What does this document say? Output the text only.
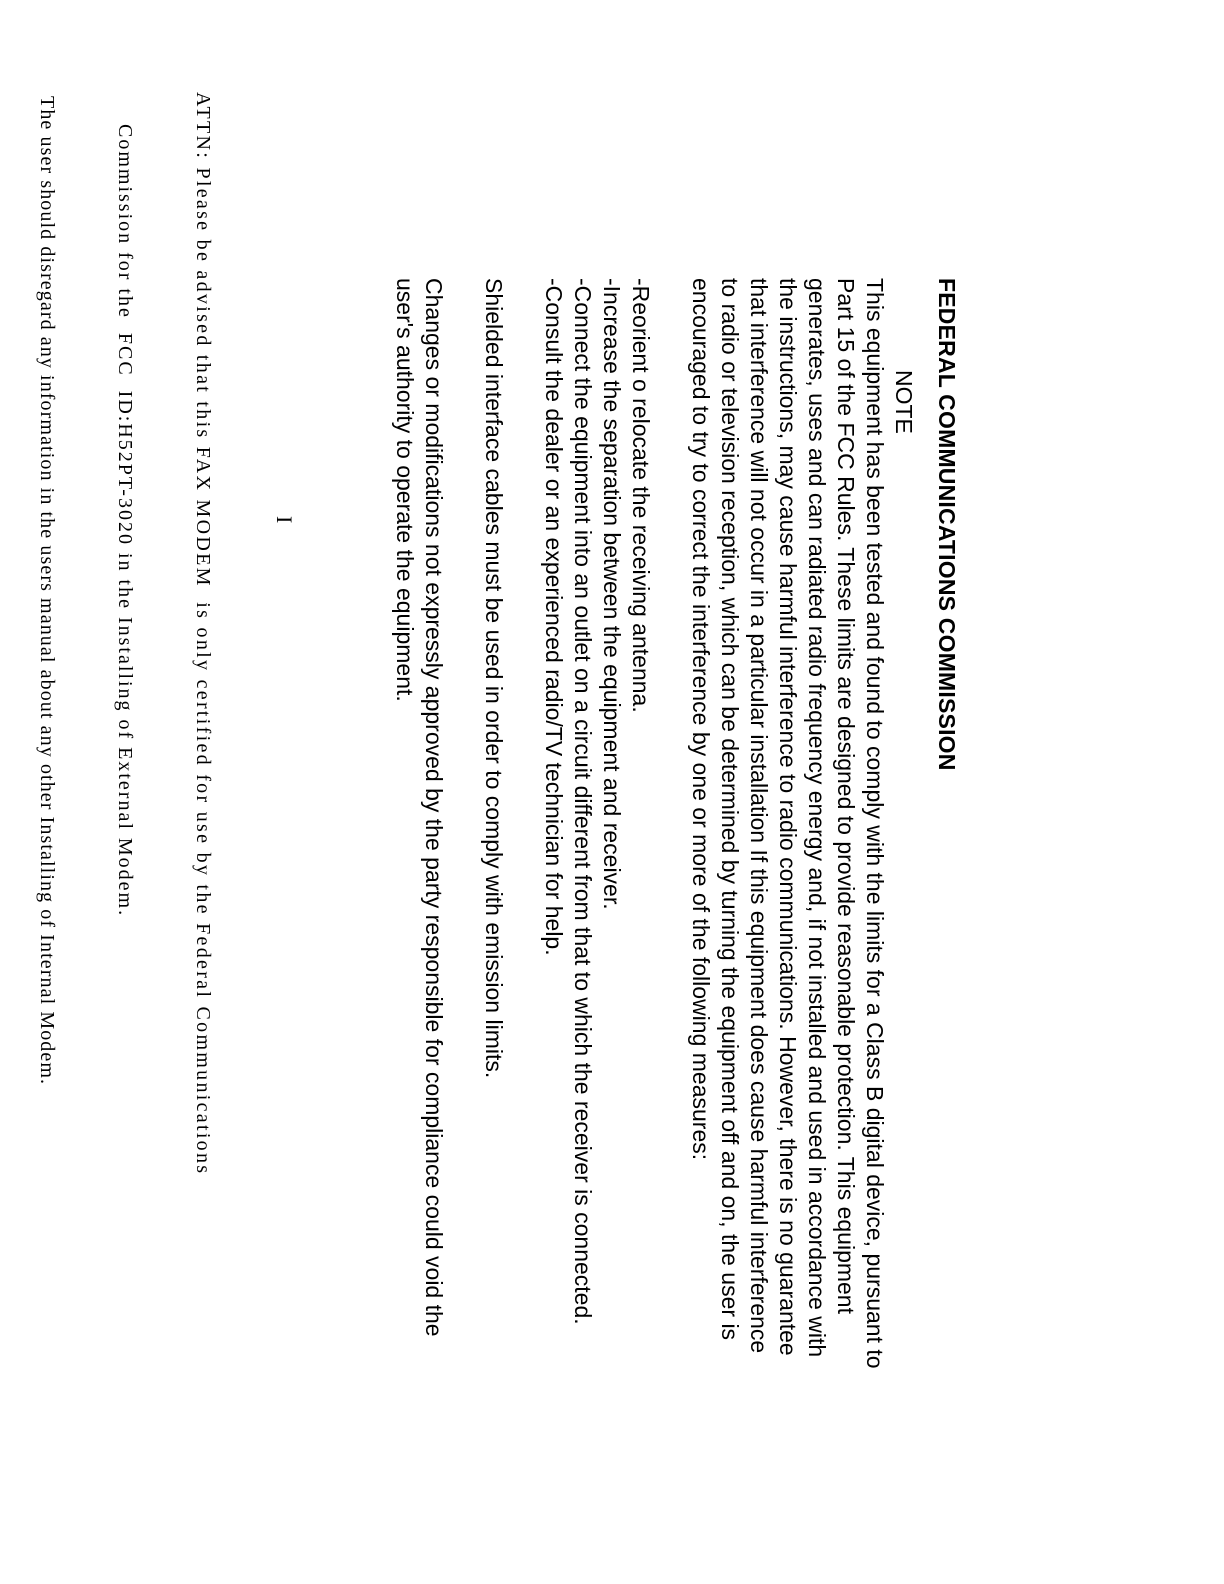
FEDERAL COMMUNICATIONS COMMISSION
NOTE

This equipment has been tested and found to comply with the limits for a Class B digital device, pursuant to Part 15 of the FCC Rules. These limits are designed to provide reasonable protection. This equipment generates, uses and can radiated radio frequency energy and, if not installed and used in accordance with the instructions, may cause harmful interference to radio communications. However, there is no guarantee that interference will not occur in a particular installation If this equipment does cause harmful interference to radio or television reception, which can be determined by turning the equipment off and on, the user is encouraged to try to correct the interference by one or more of the following measures:

-Reorient o relocate the receiving antenna.
-Increase the separation between the equipment and receiver.
-Connect the equipment into an outlet on a circuit different from that to which the receiver is connected.
-Consult the dealer or an experienced radio/TV technician for help.

Shielded interface cables must be used in order to comply with emission limits.

Changes or modifications not expressly approved by the party responsible for compliance could void the user's authority to operate the equipment.

I

ATTN: Please be advised that this FAX MODEM  is only certified for use by the Federal Communications

Commission for the  FCC  ID:H52PT-3020 in the Installing of External Modem.

The user should disregard any information in the users manual about any other Installing of Internal Modem.
